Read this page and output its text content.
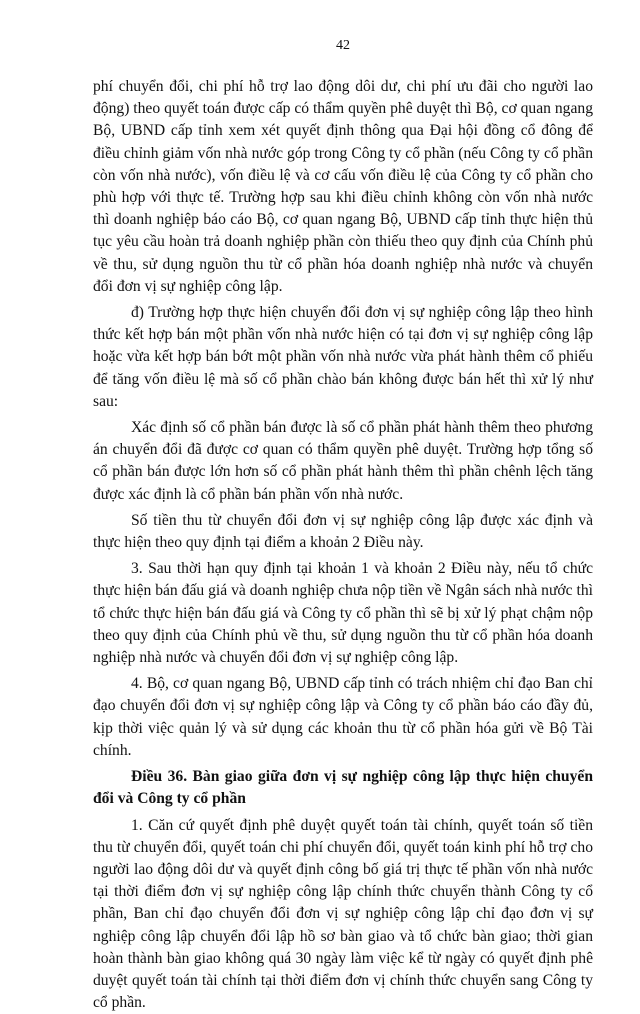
42

phí chuyển đổi, chi phí hỗ trợ lao động dôi dư, chi phí ưu đãi cho người lao động) theo quyết toán được cấp có thẩm quyền phê duyệt thì Bộ, cơ quan ngang Bộ, UBND cấp tỉnh xem xét quyết định thông qua Đại hội đồng cổ đông để điều chỉnh giảm vốn nhà nước góp trong Công ty cổ phần (nếu Công ty cổ phần còn vốn nhà nước), vốn điều lệ và cơ cấu vốn điều lệ của Công ty cổ phần cho phù hợp với thực tế. Trường hợp sau khi điều chỉnh không còn vốn nhà nước thì doanh nghiệp báo cáo Bộ, cơ quan ngang Bộ, UBND cấp tỉnh thực hiện thủ tục yêu cầu hoàn trả doanh nghiệp phần còn thiếu theo quy định của Chính phủ về thu, sử dụng nguồn thu từ cổ phần hóa doanh nghiệp nhà nước và chuyển đổi đơn vị sự nghiệp công lập.

đ) Trường hợp thực hiện chuyển đổi đơn vị sự nghiệp công lập theo hình thức kết hợp bán một phần vốn nhà nước hiện có tại đơn vị sự nghiệp công lập hoặc vừa kết hợp bán bớt một phần vốn nhà nước vừa phát hành thêm cổ phiếu để tăng vốn điều lệ mà số cổ phần chào bán không được bán hết thì xử lý như sau:

Xác định số cổ phần bán được là số cổ phần phát hành thêm theo phương án chuyển đổi đã được cơ quan có thẩm quyền phê duyệt. Trường hợp tổng số cổ phần bán được lớn hơn số cổ phần phát hành thêm thì phần chênh lệch tăng được xác định là cổ phần bán phần vốn nhà nước.

Số tiền thu từ chuyển đổi đơn vị sự nghiệp công lập được xác định và thực hiện theo quy định tại điểm a khoản 2 Điều này.

3. Sau thời hạn quy định tại khoản 1 và khoản 2 Điều này, nếu tổ chức thực hiện bán đấu giá và doanh nghiệp chưa nộp tiền về Ngân sách nhà nước thì tổ chức thực hiện bán đấu giá và Công ty cổ phần thì sẽ bị xử lý phạt chậm nộp theo quy định của Chính phủ về thu, sử dụng nguồn thu từ cổ phần hóa doanh nghiệp nhà nước và chuyển đổi đơn vị sự nghiệp công lập.

4. Bộ, cơ quan ngang Bộ, UBND cấp tỉnh có trách nhiệm chỉ đạo Ban chỉ đạo chuyển đổi đơn vị sự nghiệp công lập và Công ty cổ phần báo cáo đầy đủ, kịp thời việc quản lý và sử dụng các khoản thu từ cổ phần hóa gửi về Bộ Tài chính.

Điều 36. Bàn giao giữa đơn vị sự nghiệp công lập thực hiện chuyển đổi và Công ty cổ phần

1. Căn cứ quyết định phê duyệt quyết toán tài chính, quyết toán số tiền thu từ chuyển đổi, quyết toán chi phí chuyển đổi, quyết toán kinh phí hỗ trợ cho người lao động dôi dư và quyết định công bố giá trị thực tế phần vốn nhà nước tại thời điểm đơn vị sự nghiệp công lập chính thức chuyển thành Công ty cổ phần, Ban chỉ đạo chuyển đổi đơn vị sự nghiệp công lập chỉ đạo đơn vị sự nghiệp công lập chuyển đổi lập hồ sơ bàn giao và tổ chức bàn giao; thời gian hoàn thành bàn giao không quá 30 ngày làm việc kể từ ngày có quyết định phê duyệt quyết toán tài chính tại thời điểm đơn vị chính thức chuyển sang Công ty cổ phần.
